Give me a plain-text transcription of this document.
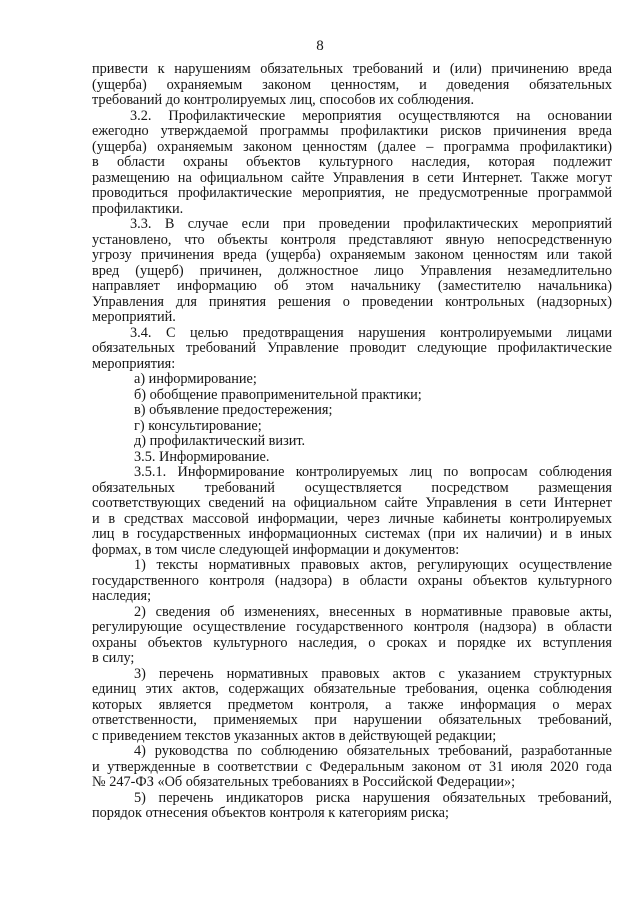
8
привести к нарушениям обязательных требований и (или) причинению вреда
(ущерба) охраняемым законом ценностям, и доведения обязательных
требований до контролируемых лиц, способов их соблюдения.
3.2. Профилактические мероприятия осуществляются на основании
ежегодно утверждаемой программы профилактики рисков причинения вреда
(ущерба) охраняемым законом ценностям (далее – программа профилактики)
в области охраны объектов культурного наследия, которая подлежит
размещению на официальном сайте Управления в сети Интернет. Также могут
проводиться профилактические мероприятия, не предусмотренные программой
профилактики.
3.3. В случае если при проведении профилактических мероприятий
установлено, что объекты контроля представляют явную непосредственную
угрозу причинения вреда (ущерба) охраняемым законом ценностям или такой
вред (ущерб) причинен, должностное лицо Управления незамедлительно
направляет информацию об этом начальнику (заместителю начальника)
Управления для принятия решения о проведении контрольных (надзорных)
мероприятий.
3.4. С целью предотвращения нарушения контролируемыми лицами
обязательных требований Управление проводит следующие профилактические
мероприятия:
а) информирование;
б) обобщение правоприменительной практики;
в) объявление предостережения;
г) консультирование;
д) профилактический визит.
3.5. Информирование.
3.5.1. Информирование контролируемых лиц по вопросам соблюдения
обязательных требований осуществляется посредством размещения
соответствующих сведений на официальном сайте Управления в сети Интернет
и в средствах массовой информации, через личные кабинеты контролируемых
лиц в государственных информационных системах (при их наличии) и в иных
формах, в том числе следующей информации и документов:
1) тексты нормативных правовых актов, регулирующих осуществление
государственного контроля (надзора) в области охраны объектов культурного
наследия;
2) сведения об изменениях, внесенных в нормативные правовые акты,
регулирующие осуществление государственного контроля (надзора) в области
охраны объектов культурного наследия, о сроках и порядке их вступления
в силу;
3) перечень нормативных правовых актов с указанием структурных
единиц этих актов, содержащих обязательные требования, оценка соблюдения
которых является предметом контроля, а также информация о мерах
ответственности, применяемых при нарушении обязательных требований,
с приведением текстов указанных актов в действующей редакции;
4) руководства по соблюдению обязательных требований, разработанные
и утвержденные в соответствии с Федеральным законом от 31 июля 2020 года
№ 247-ФЗ «Об обязательных требованиях в Российской Федерации»;
5) перечень индикаторов риска нарушения обязательных требований,
порядок отнесения объектов контроля к категориям риска;
